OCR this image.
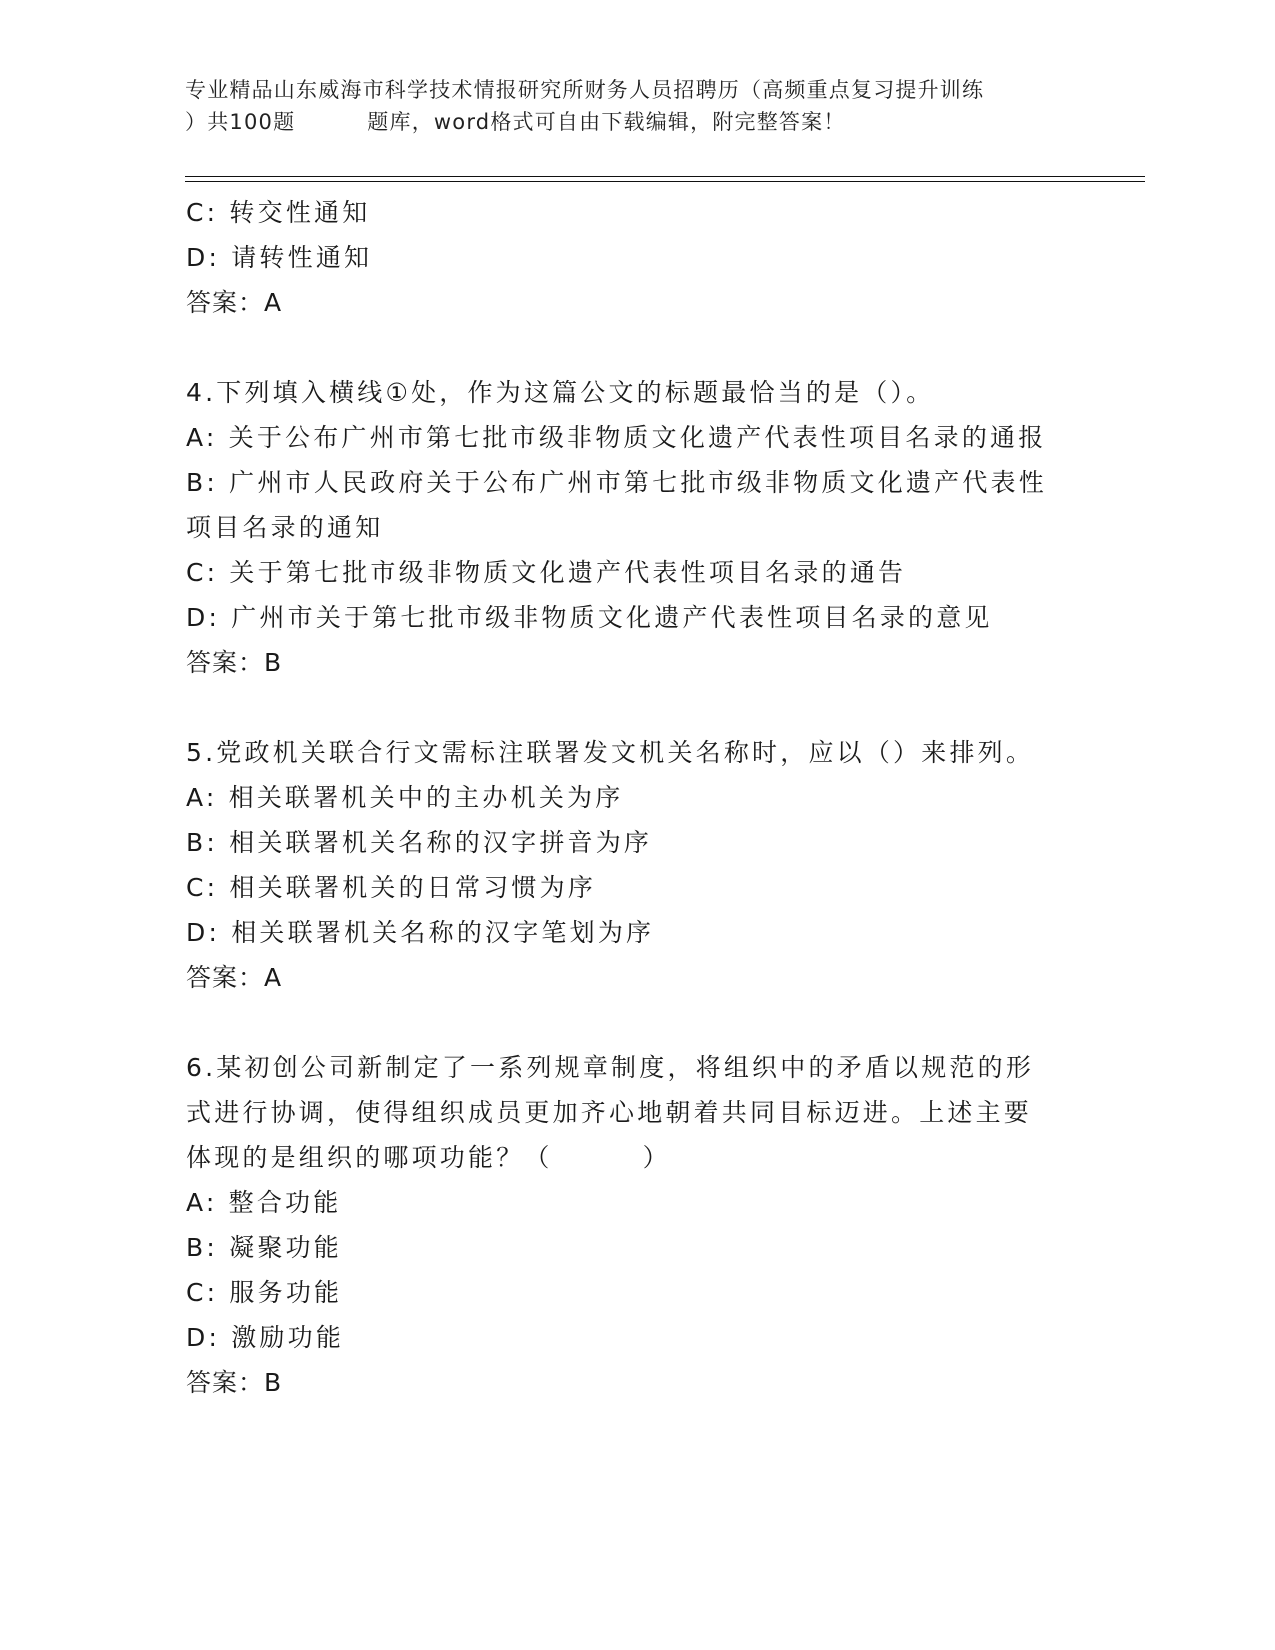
专业精品山东威海市科学技术情报研究所财务人员招聘历（高频重点复习提升训练
）共100题	题库，word格式可自由下载编辑，附完整答案！
C: 转交性通知
D: 请转性通知
答案：A
4.下列填入横线①处，作为这篇公文的标题最恰当的是（）。
A: 关于公布广州市第七批市级非物质文化遗产代表性项目名录的通报
B: 广州市人民政府关于公布广州市第七批市级非物质文化遗产代表性
项目名录的通知
C: 关于第七批市级非物质文化遗产代表性项目名录的通告
D: 广州市关于第七批市级非物质文化遗产代表性项目名录的意见
答案：B
5.党政机关联合行文需标注联署发文机关名称时，应以（）来排列。
A: 相关联署机关中的主办机关为序
B: 相关联署机关名称的汉字拼音为序
C: 相关联署机关的日常习惯为序
D: 相关联署机关名称的汉字笔划为序
答案：A
6.某初创公司新制定了一系列规章制度，将组织中的矛盾以规范的形
式进行协调，使得组织成员更加齐心地朝着共同目标迈进。上述主要
体现的是组织的哪项功能？（	）
A: 整合功能
B: 凝聚功能
C: 服务功能
D: 激励功能
答案：B
